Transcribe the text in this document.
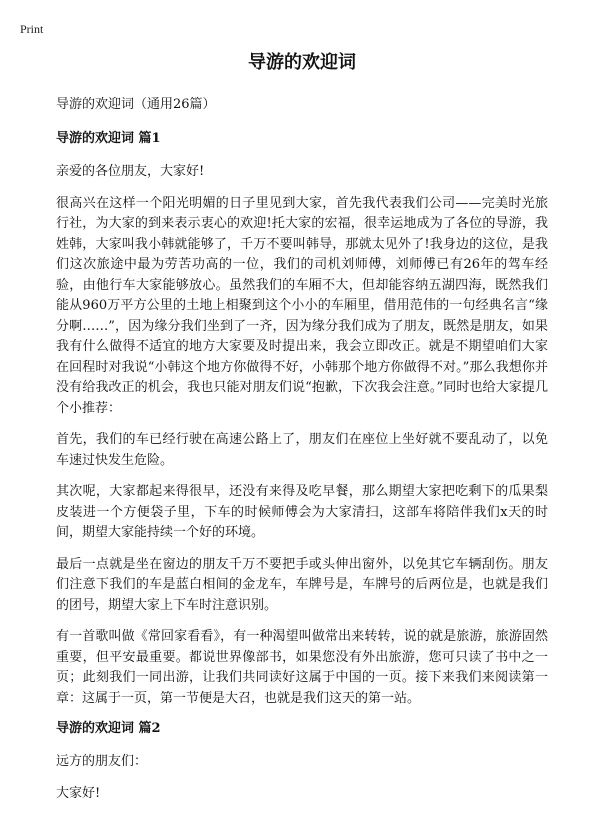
Print
导游的欢迎词
导游的欢迎词（通用26篇）
导游的欢迎词 篇1

亲爱的各位朋友，大家好!

很高兴在这样一个阳光明媚的日子里见到大家，首先我代表我们公司——完美时光旅行社，为大家的到来表示衷心的欢迎!托大家的宏福，很幸运地成为了各位的导游，我姓韩，大家叫我小韩就能够了，千万不要叫韩导，那就太见外了!我身边的这位，是我们这次旅途中最为劳苦功高的一位，我们的司机刘师傅，刘师傅已有26年的驾车经验，由他行车大家能够放心。虽然我们的车厢不大，但却能容纳五湖四海，既然我们能从960万平方公里的土地上相聚到这个小小的车厢里，借用范伟的一句经典名言“缘分啊……”，因为缘分我们坐到了一齐，因为缘分我们成为了朋友，既然是朋友，如果我有什么做得不适宜的地方大家要及时提出来，我会立即改正。就是不期望咱们大家在回程时对我说“小韩这个地方你做得不好，小韩那个地方你做得不对。”那么我想你并没有给我改正的机会，我也只能对朋友们说“抱歉，下次我会注意。”同时也给大家提几个小推荐：

首先，我们的车已经行驶在高速公路上了，朋友们在座位上坐好就不要乱动了，以免车速过快发生危险。

其次呢，大家都起来得很早，还没有来得及吃早餐，那么期望大家把吃剩下的瓜果梨皮装进一个方便袋子里，下车的时候师傅会为大家清扫，这部车将陪伴我们x天的时间，期望大家能持续一个好的环境。

最后一点就是坐在窗边的朋友千万不要把手或头伸出窗外，以免其它车辆刮伤。朋友们注意下我们的车是蓝白相间的金龙车，车牌号是，车牌号的后两位是，也就是我们的团号，期望大家上下车时注意识别。

有一首歌叫做《常回家看看》，有一种渴望叫做常出来转转，说的就是旅游，旅游固然重要，但平安最重要。都说世界像部书，如果您没有外出旅游，您可只读了书中之一页；此刻我们一同出游，让我们共同读好这属于中国的一页。接下来我们来阅读第一章：这属于一页，第一节便是大召，也就是我们这天的第一站。

导游的欢迎词 篇2

远方的朋友们：

大家好!
